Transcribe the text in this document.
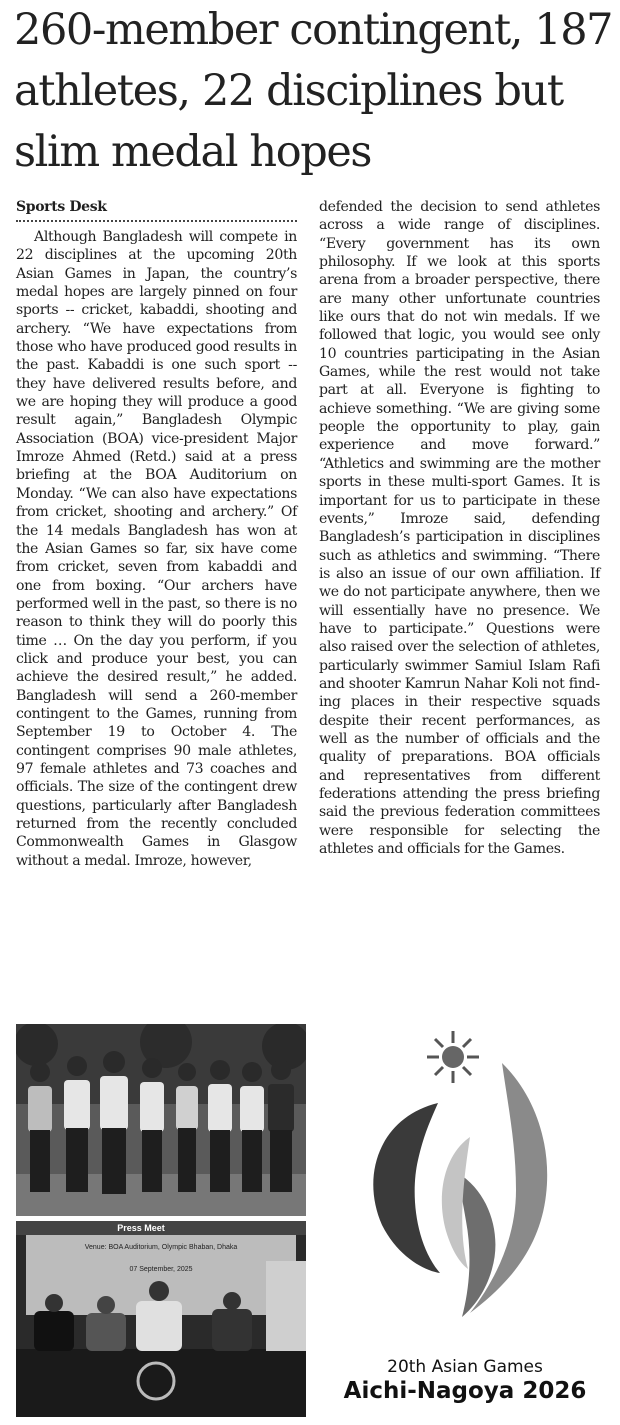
260-member contingent, 187 athletes, 22 disciplines but slim medal hopes
Sports Desk

Although Bangladesh will compete in 22 disciplines at the upcoming 20th Asian Games in Japan, the country’s medal hopes are largely pinned on four sports -- cricket, kabaddi, shooting and archery. “We have expectations from those who have produced good results in the past. Kabaddi is one such sport -- they have delivered results before, and we are hoping they will produce a good result again,” Bangladesh Olympic Association (BOA) vice-president Major Imroze Ahmed (Retd.) said at a press briefing at the BOA Auditorium on Monday. “We can also have expectations from cricket, shooting and archery.” Of the 14 medals Bangladesh has won at the Asian Games so far, six have come from cricket, seven from kabaddi and one from boxing. “Our archers have performed well in the past, so there is no reason to think they will do poorly this time … On the day you perform, if you click and produce your best, you can achieve the desired result,” he added. Bangladesh will send a 260-member contingent to the Games, running from September 19 to October 4. The contingent comprises 90 male athletes, 97 female athletes and 73 coaches and officials. The size of the contingent drew questions, particularly after Bangladesh returned from the recently concluded Commonwealth Games in Glasgow without a medal. Imroze, however,

defended the decision to send athletes across a wide range of disciplines. “Every government has its own philosophy. If we look at this sports arena from a broader perspective, there are many other unfortunate countries like ours that do not win medals. If we followed that logic, you would see only 10 countries participating in the Asian Games, while the rest would not take part at all. Everyone is fighting to achieve something. “We are giving some people the opportunity to play, gain experience and move forward.” “Athletics and swimming are the mother sports in these multi-sport Games. It is important for us to participate in these events,” Imroze said, defending Bangladesh’s participation in disciplines such as athletics and swimming. “There is also an issue of our own affiliation. If we do not participate anywhere, then we will essentially have no presence. We have to participate.” Questions were also raised over the selection of athletes, particularly swimmer Samiul Islam Rafi and shooter Kamrun Nahar Koli not finding places in their respective squads despite their recent performances, as well as the number of officials and the quality of preparations. BOA officials and representatives from different federations attending the press briefing said the previous federation committees were responsible for selecting the athletes and officials for the Games.

Press Meet
Venue: BOA Auditorium, Olympic Bhaban, Dhaka
07 September, 2025
20th Asian Games
Aichi-Nagoya 2026
